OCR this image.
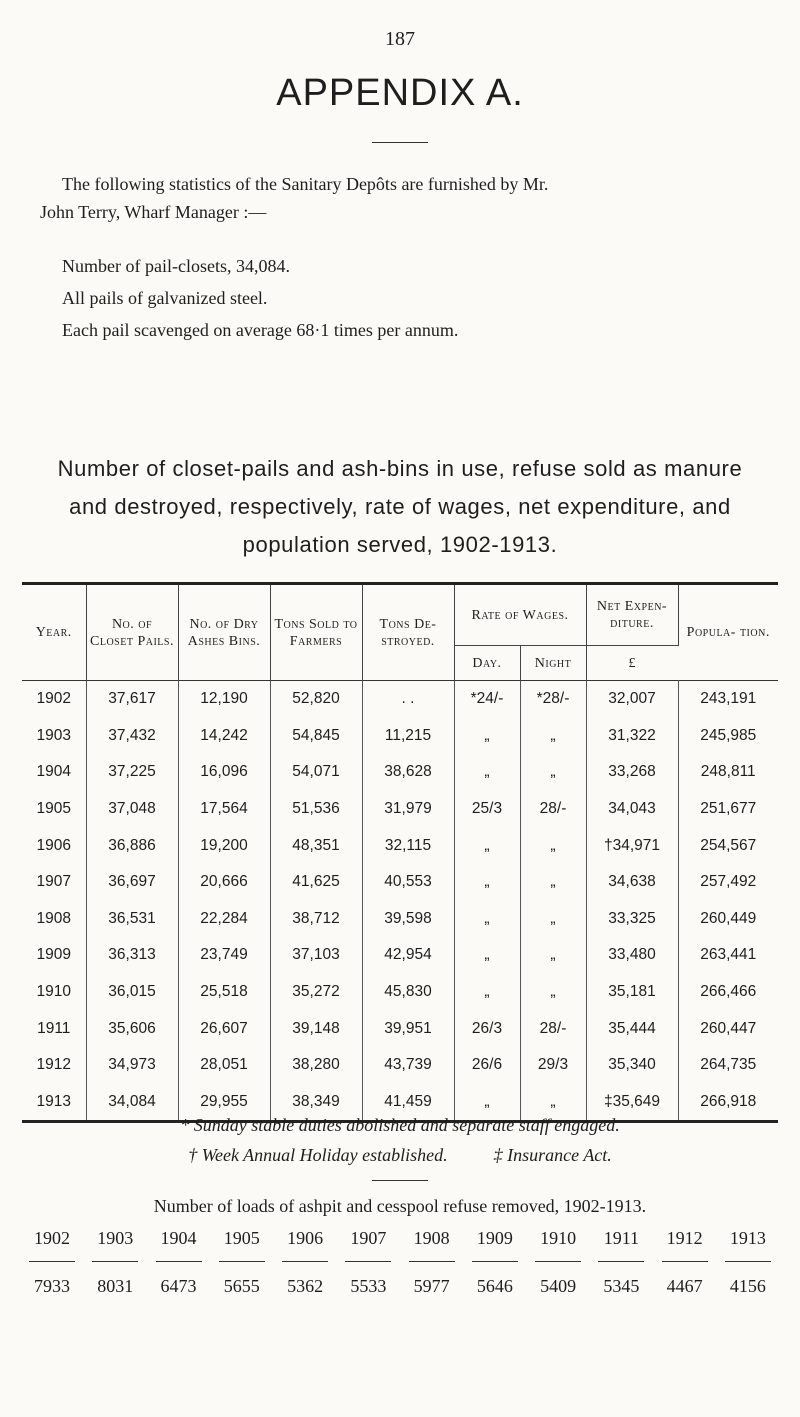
187
APPENDIX A.

The following statistics of the Sanitary Depôts are furnished by Mr.

John Terry, Wharf Manager :—

Number of pail-closets, 34,084.
All pails of galvanized steel.
Each pail scavenged on average 68·1 times per annum.
Number of closet-pails and ash-bins in use, refuse sold as manure and destroyed, respectively, rate of wages, net expenditure, and population served, 1902-1913.
Year.	No. of Closet Pails.	No. of Dry Ashes Bins.	Tons Sold to Farmers	Tons De- stroyed.	Rate of Wages.		Net Expen- diture.	Popula- tion.
					Day.	Night	£	
1902	37,617	12,190	52,820	. .	*24/-	*28/-	32,007	243,191
1903	37,432	14,242	54,845	11,215	„	„	31,322	245,985
1904	37,225	16,096	54,071	38,628	„	„	33,268	248,811
1905	37,048	17,564	51,536	31,979	25/3	28/-	34,043	251,677
1906	36,886	19,200	48,351	32,115	„	„	†34,971	254,567
1907	36,697	20,666	41,625	40,553	„	„	34,638	257,492
1908	36,531	22,284	38,712	39,598	„	„	33,325	260,449
1909	36,313	23,749	37,103	42,954	„	„	33,480	263,441
1910	36,015	25,518	35,272	45,830	„	„	35,181	266,466
1911	35,606	26,607	39,148	39,951	26/3	28/-	35,444	260,447
1912	34,973	28,051	38,280	43,739	26/6	29/3	35,340	264,735
1913	34,084	29,955	38,349	41,459	„	„	‡35,649	266,918
* Sunday stable duties abolished and separate staff engaged.
† Week Annual Holiday established.	‡ Insurance Act.
Number of loads of ashpit and cesspool refuse removed, 1902-1913.
1902	1903	1904	1905	1906	1907	1908	1909	1910	1911	1912	1913
7933	8031	6473	5655	5362	5533	5977	5646	5409	5345	4467	4156
